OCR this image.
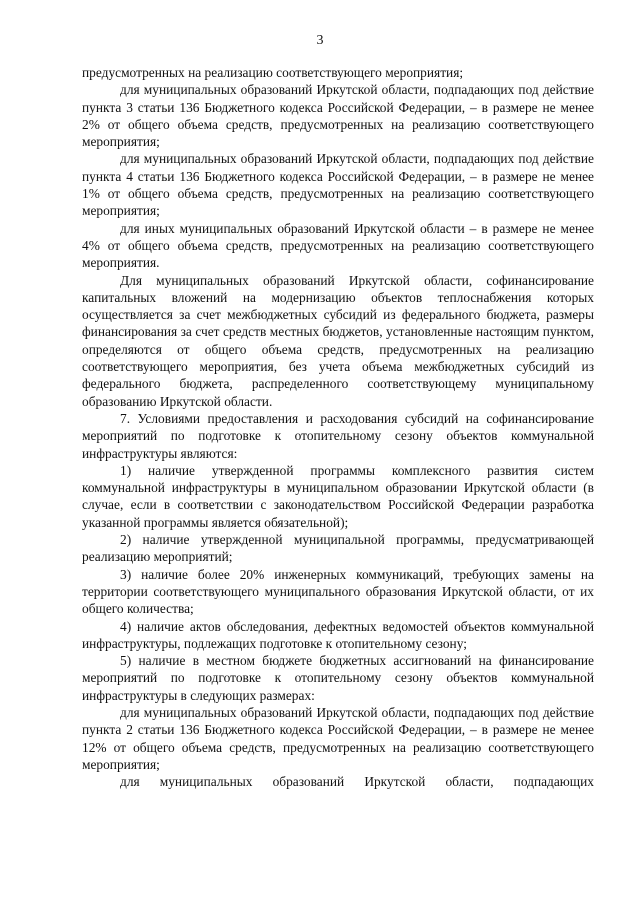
3

предусмотренных на реализацию соответствующего мероприятия;

для муниципальных образований Иркутской области, подпадающих под действие пункта 3 статьи 136 Бюджетного кодекса Российской Федерации, – в размере не менее 2% от общего объема средств, предусмотренных на реализацию соответствующего мероприятия;

для муниципальных образований Иркутской области, подпадающих под действие пункта 4 статьи 136 Бюджетного кодекса Российской Федерации, – в размере не менее 1% от общего объема средств, предусмотренных на реализацию соответствующего мероприятия;

для иных муниципальных образований Иркутской области – в размере не менее 4% от общего объема средств, предусмотренных на реализацию соответствующего мероприятия.

Для муниципальных образований Иркутской области, софинансирование капитальных вложений на модернизацию объектов теплоснабжения которых осуществляется за счет межбюджетных субсидий из федерального бюджета, размеры финансирования за счет средств местных бюджетов, установленные настоящим пунктом, определяются от общего объема средств, предусмотренных на реализацию соответствующего мероприятия, без учета объема межбюджетных субсидий из федерального бюджета, распределенного соответствующему муниципальному образованию Иркутской области.

7. Условиями предоставления и расходования субсидий на софинансирование мероприятий по подготовке к отопительному сезону объектов коммунальной инфраструктуры являются:

1) наличие утвержденной программы комплексного развития систем коммунальной инфраструктуры в муниципальном образовании Иркутской области (в случае, если в соответствии с законодательством Российской Федерации разработка указанной программы является обязательной);

2) наличие утвержденной муниципальной программы, предусматривающей реализацию мероприятий;

3) наличие более 20% инженерных коммуникаций, требующих замены на территории соответствующего муниципального образования Иркутской области, от их общего количества;

4) наличие актов обследования, дефектных ведомостей объектов коммунальной инфраструктуры, подлежащих подготовке к отопительному сезону;

5) наличие в местном бюджете бюджетных ассигнований на финансирование мероприятий по подготовке к отопительному сезону объектов коммунальной инфраструктуры в следующих размерах:

для муниципальных образований Иркутской области, подпадающих под действие пункта 2 статьи 136 Бюджетного кодекса Российской Федерации, – в размере не менее 12% от общего объема средств, предусмотренных на реализацию соответствующего мероприятия;

для муниципальных образований Иркутской области, подпадающих
